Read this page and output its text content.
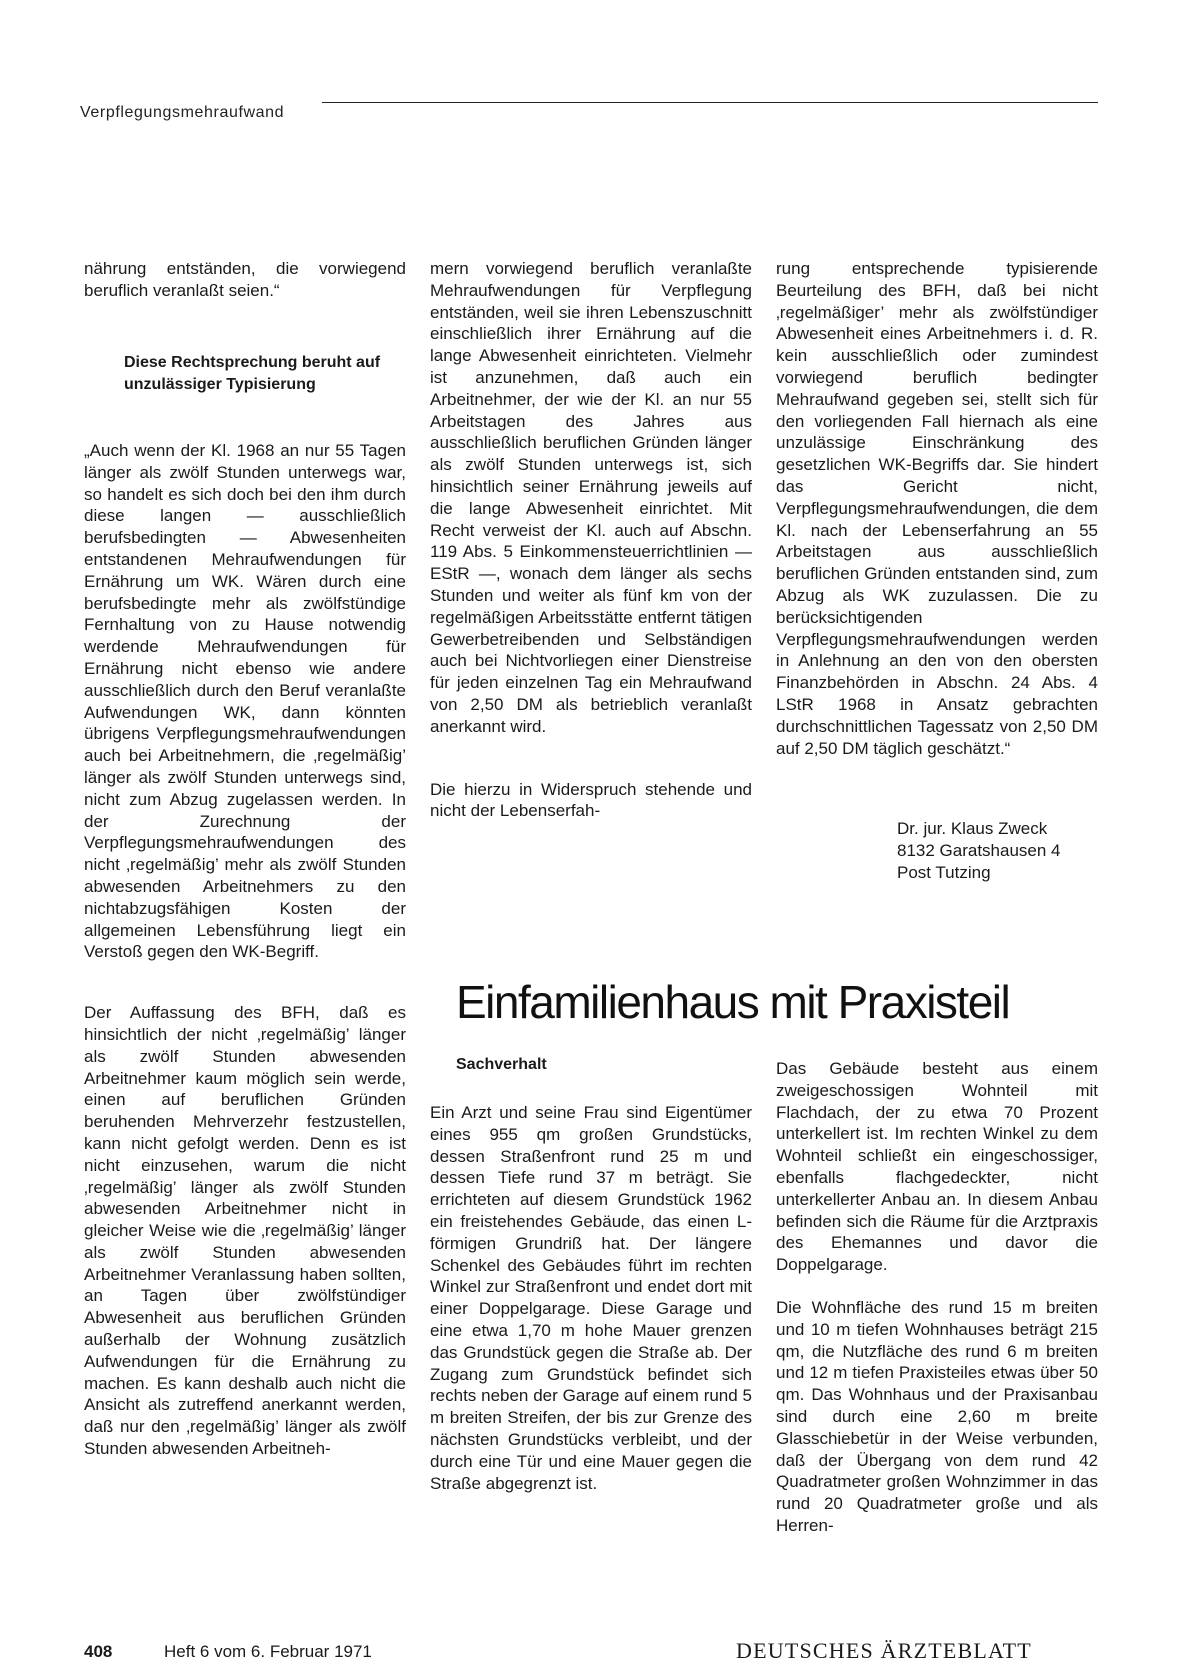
Verpflegungsmehraufwand

nährung entständen, die vorwiegend beruflich veranlaßt seien.“

Diese Rechtsprechung beruht auf unzulässiger Typisierung

„Auch wenn der Kl. 1968 an nur 55 Tagen länger als zwölf Stunden unterwegs war, so handelt es sich doch bei den ihm durch diese langen — ausschließlich berufsbedingten — Abwesenheiten entstandenen Mehraufwendungen für Ernährung um WK. Wären durch eine berufsbedingte mehr als zwölfstündige Fernhaltung von zu Hause notwendig werdende Mehraufwendungen für Ernährung nicht ebenso wie andere ausschließlich durch den Beruf veranlaßte Aufwendungen WK, dann könnten übrigens Verpflegungsmehraufwendungen auch bei Arbeitnehmern, die ‚regelmäßig’ länger als zwölf Stunden unterwegs sind, nicht zum Abzug zugelassen werden. In der Zurechnung der Verpflegungsmehraufwendungen des nicht ‚regelmäßig’ mehr als zwölf Stunden abwesenden Arbeitnehmers zu den nichtabzugsfähigen Kosten der allgemeinen Lebensführung liegt ein Verstoß gegen den WK-Begriff.

Der Auffassung des BFH, daß es hinsichtlich der nicht ‚regelmäßig’ länger als zwölf Stunden abwesenden Arbeitnehmer kaum möglich sein werde, einen auf beruflichen Gründen beruhenden Mehrverzehr festzustellen, kann nicht gefolgt werden. Denn es ist nicht einzusehen, warum die nicht ‚regelmäßig’ länger als zwölf Stunden abwesenden Arbeitnehmer nicht in gleicher Weise wie die ‚regelmäßig’ länger als zwölf Stunden abwesenden Arbeitnehmer Veranlassung haben sollten, an Tagen über zwölfstündiger Abwesenheit aus beruflichen Gründen außerhalb der Wohnung zusätzlich Aufwendungen für die Ernährung zu machen. Es kann deshalb auch nicht die Ansicht als zutreffend anerkannt werden, daß nur den ‚regelmäßig’ länger als zwölf Stunden abwesenden Arbeitneh-

mern vorwiegend beruflich veranlaßte Mehraufwendungen für Verpflegung entständen, weil sie ihren Lebenszuschnitt einschließlich ihrer Ernährung auf die lange Abwesenheit einrichteten. Vielmehr ist anzunehmen, daß auch ein Arbeitnehmer, der wie der Kl. an nur 55 Arbeitstagen des Jahres aus ausschließlich beruflichen Gründen länger als zwölf Stunden unterwegs ist, sich hinsichtlich seiner Ernährung jeweils auf die lange Abwesenheit einrichtet. Mit Recht verweist der Kl. auch auf Abschn. 119 Abs. 5 Einkommensteuerrichtlinien — EStR —, wonach dem länger als sechs Stunden und weiter als fünf km von der regelmäßigen Arbeitsstätte entfernt tätigen Gewerbetreibenden und Selbständigen auch bei Nichtvorliegen einer Dienstreise für jeden einzelnen Tag ein Mehraufwand von 2,50 DM als betrieblich veranlaßt anerkannt wird.

Die hierzu in Widerspruch stehende und nicht der Lebenserfah-

rung entsprechende typisierende Beurteilung des BFH, daß bei nicht ‚regelmäßiger’ mehr als zwölfstündiger Abwesenheit eines Arbeitnehmers i. d. R. kein ausschließlich oder zumindest vorwiegend beruflich bedingter Mehraufwand gegeben sei, stellt sich für den vorliegenden Fall hiernach als eine unzulässige Einschränkung des gesetzlichen WK-Begriffs dar. Sie hindert das Gericht nicht, Verpflegungsmehraufwendungen, die dem Kl. nach der Lebenserfahrung an 55 Arbeitstagen aus ausschließlich beruflichen Gründen entstanden sind, zum Abzug als WK zuzulassen. Die zu berücksichtigenden Verpflegungsmehraufwendungen werden in Anlehnung an den von den obersten Finanzbehörden in Abschn. 24 Abs. 4 LStR 1968 in Ansatz gebrachten durchschnittlichen Tagessatz von 2,50 DM auf 2,50 DM täglich geschätzt.“

Dr. jur. Klaus Zweck
8132 Garatshausen 4
Post Tutzing
Einfamilienhaus mit Praxisteil
Sachverhalt

Ein Arzt und seine Frau sind Eigentümer eines 955 qm großen Grundstücks, dessen Straßenfront rund 25 m und dessen Tiefe rund 37 m beträgt. Sie errichteten auf diesem Grundstück 1962 ein freistehendes Gebäude, das einen L-förmigen Grundriß hat. Der längere Schenkel des Gebäudes führt im rechten Winkel zur Straßenfront und endet dort mit einer Doppelgarage. Diese Garage und eine etwa 1,70 m hohe Mauer grenzen das Grundstück gegen die Straße ab. Der Zugang zum Grundstück befindet sich rechts neben der Garage auf einem rund 5 m breiten Streifen, der bis zur Grenze des nächsten Grundstücks verbleibt, und der durch eine Tür und eine Mauer gegen die Straße abgegrenzt ist.

Das Gebäude besteht aus einem zweigeschossigen Wohnteil mit Flachdach, der zu etwa 70 Prozent unterkellert ist. Im rechten Winkel zu dem Wohnteil schließt ein eingeschossiger, ebenfalls flachgedeckter, nicht unterkellerter Anbau an. In diesem Anbau befinden sich die Räume für die Arztpraxis des Ehemannes und davor die Doppelgarage.

Die Wohnfläche des rund 15 m breiten und 10 m tiefen Wohnhauses beträgt 215 qm, die Nutzfläche des rund 6 m breiten und 12 m tiefen Praxisteiles etwas über 50 qm. Das Wohnhaus und der Praxisanbau sind durch eine 2,60 m breite Glasschiebetür in der Weise verbunden, daß der Übergang von dem rund 42 Quadratmeter großen Wohnzimmer in das rund 20 Quadratmeter große und als Herren-

408	Heft 6 vom 6. Februar 1971	DEUTSCHES ÄRZTEBLATT
